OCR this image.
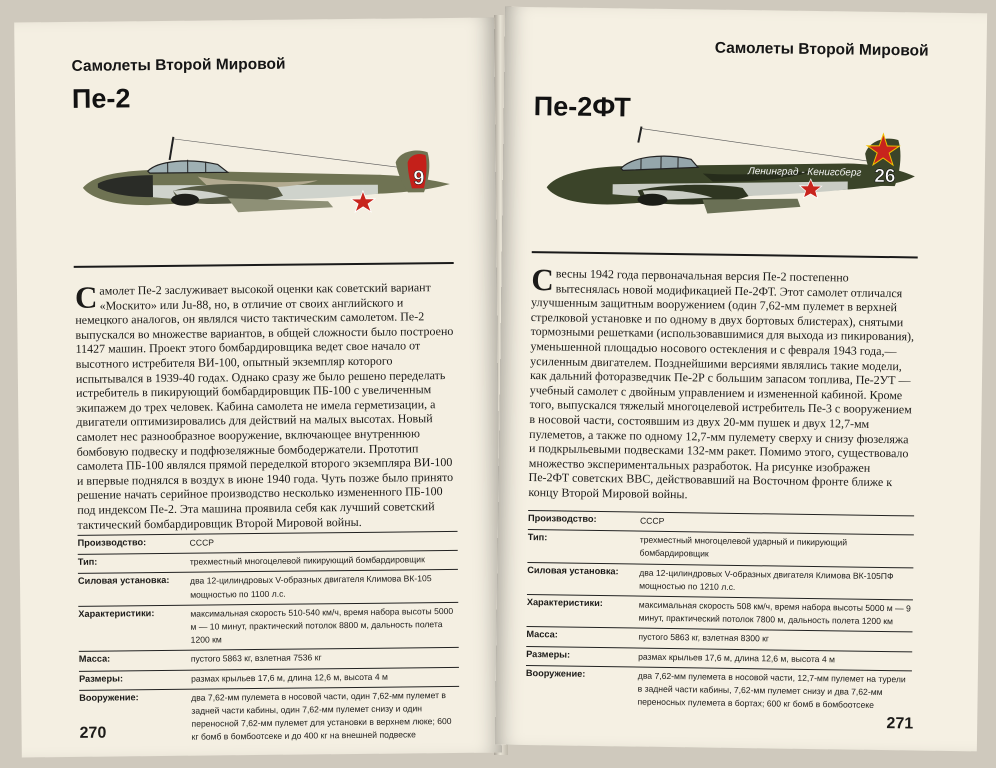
Самолеты Второй Мировой
Пе-2
9

Самолет Пе-2 заслуживает высокой оценки как советский вариант «Москито» или Ju-88, но, в отличие от своих английского и немецкого аналогов, он являлся чисто тактическим самолетом. Пе-2 выпускался во множестве вариантов, в общей сложности было построено 11427 машин. Проект этого бомбардировщика ведет свое начало от высотного истребителя ВИ-100, опытный экземпляр которого испытывался в 1939-40 годах. Однако сразу же было решено переделать истребитель в пикирующий бомбардировщик ПБ-100 с увеличенным экипажем до трех человек. Кабина самолета не имела герметизации, а двигатели оптимизировались для действий на малых высотах. Новый самолет нес разнообразное вооружение, включающее внутреннюю бомбовую подвеску и подфюзеляжные бомбодержатели. Прототип самолета ПБ-100 являлся прямой переделкой второго экземпляра ВИ-100 и впервые поднялся в воздух в июне 1940 года. Чуть позже было принято решение начать серийное производство несколько измененного ПБ-100 под индексом Пе-2. Эта машина проявила себя как лучший советский тактический бомбардировщик Второй Мировой войны.

Производство:	СССР
Тип:	трехместный многоцелевой пикирующий бомбардировщик
Силовая установка:	два 12-цилиндровых V-образных двигателя Климова ВК-105 мощностью по 1100 л.с.
Характеристики:	максимальная скорость 510-540 км/ч, время набора высоты 5000 м — 10 минут, практический потолок 8800 м, дальность полета 1200 км
Масса:	пустого 5863 кг, взлетная 7536 кг
Размеры:	размах крыльев 17,6 м, длина 12,6 м, высота 4 м
Вооружение:	два 7,62-мм пулемета в носовой части, один 7,62-мм пулемет в задней части кабины, один 7,62-мм пулемет снизу и один переносной 7,62-мм пулемет для установки в верхнем люке; 600 кг бомб в бомбоотсеке и до 400 кг на внешней подвеске
270
Самолеты Второй Мировой
Пе-2ФТ
Ленинград - Кенигсберг 26

С весны 1942 года первоначальная версия Пе-2 постепенно вытеснялась новой модификацией Пе-2ФТ. Этот самолет отличался улучшенным защитным вооружением (один 7,62-мм пулемет в верхней стрелковой установке и по одному в двух бортовых блистерах), снятыми тормозными решетками (использовавшимися для выхода из пикирования), уменьшенной площадью носового остекления и с февраля 1943 года,— усиленным двигателем. Позднейшими версиями являлись такие модели, как дальний фоторазведчик Пе-2Р с большим запасом топлива, Пе-2УТ — учебный самолет с двойным управлением и измененной кабиной. Кроме того, выпускался тяжелый многоцелевой истребитель Пе-3 с вооружением в носовой части, состоявшим из двух 20-мм пушек и двух 12,7-мм пулеметов, а также по одному 12,7-мм пулемету сверху и снизу фюзеляжа и подкрыльевыми подвесками 132-мм ракет. Помимо этого, существовало множество экспериментальных разработок. На рисунке изображен Пе-2ФТ советских ВВС, действовавший на Восточном фронте ближе к концу Второй Мировой войны.

Производство:	СССР
Тип:	трехместный многоцелевой ударный и пикирующий бомбардировщик
Силовая установка:	два 12-цилиндровых V-образных двигателя Климова ВК-105ПФ мощностью по 1210 л.с.
Характеристики:	максимальная скорость 508 км/ч, время набора высоты 5000 м — 9 минут, практический потолок 7800 м, дальность полета 1200 км
Масса:	пустого 5863 кг, взлетная 8300 кг
Размеры:	размах крыльев 17,6 м, длина 12,6 м, высота 4 м
Вооружение:	два 7,62-мм пулемета в носовой части, 12,7-мм пулемет на турели в задней части кабины, 7,62-мм пулемет снизу и два 7,62-мм переносных пулемета в бортах; 600 кг бомб в бомбоотсеке
271
